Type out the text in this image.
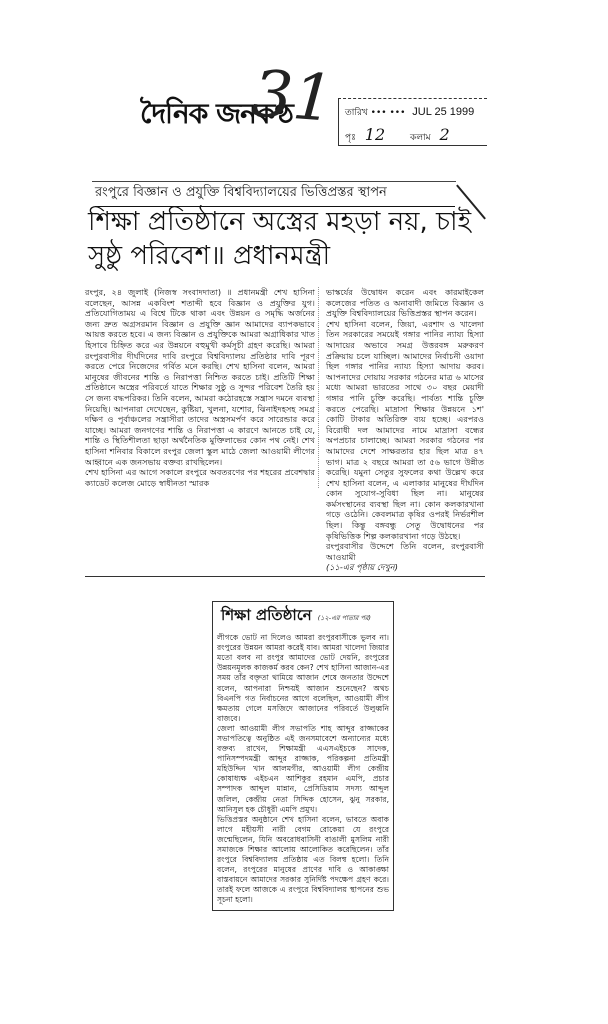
দৈনিক জনকণ্ঠ
31 তারিখ ••• ••• JUL 25 1999
পৃঃ 12	কলাম 2
রংপুরে বিজ্ঞান ও প্রযুক্তি বিশ্ববিদ্যালয়ের ভিত্তিপ্রস্তর স্থাপন
শিক্ষা প্রতিষ্ঠানে অস্ত্রের মহড়া নয়, চাই
সুষ্ঠু পরিবেশ॥ প্রধানমন্ত্রী

রংপুর, ২৪ জুলাই (নিজস্ব সংবাদদাতা) ॥ প্রধানমন্ত্রী শেখ হাসিনা বলেছেন, আসন্ন একবিংশ শতাব্দী হবে বিজ্ঞান ও প্রযুক্তির যুগ। প্রতিযোগিতাময় এ বিশ্বে টিকে থাকা এবং উন্নয়ন ও সমৃদ্ধি অর্জনের জন্য দ্রুত অগ্রসরমান বিজ্ঞান ও প্রযুক্তি জ্ঞান আমাদের ব্যাপকভাবে আয়ত্ত করতে হবে। এ জন্য বিজ্ঞান ও প্রযুক্তিকে আমরা অগ্রাধিকার খাত হিসাবে চিহ্নিত করে এর উন্নয়নে বহুমুখী কর্মসূচী গ্রহণ করেছি। আমরা রংপুরবাসীর দীর্ঘদিনের দাবি রংপুরে বিশ্ববিদ্যালয় প্রতিষ্ঠার দাবি পূরণ করতে পেরে নিজেদের গর্বিত মনে করছি। শেখ হাসিনা বলেন, আমরা মানুষের জীবনের শান্তি ও নিরাপত্তা নিশ্চিত করতে চাই। প্রতিটি শিক্ষা প্রতিষ্ঠানে অস্ত্রের পরিবর্তে যাতে শিক্ষার সুষ্ঠু ও সুন্দর পরিবেশ তৈরি হয় সে জন্য বদ্ধপরিকর। তিনি বলেন, আমরা কঠোরহস্তে সন্ত্রাস দমনে ব্যবস্থা নিয়েছি। আপনারা দেখেছেন, কুষ্টিয়া, খুলনা, যশোর, ঝিনাইদহসহ সমগ্র দক্ষিণ ও পূর্বাঞ্চলের সন্ত্রাসীরা তাদের অস্ত্রসমর্পণ করে সারেন্ডার করে যাচ্ছে। আমরা জনগণের শান্তি ও নিরাপত্তা এ কারণে আনতে চাই যে, শান্তি ও স্থিতিশীলতা ছাড়া অর্থনৈতিক মুক্তিলাভের কোন পথ নেই। শেখ হাসিনা শনিবার বিকালে রংপুর জেলা স্কুল মাঠে জেলা আওয়ামী লীগের আহ্বানে এক জনসভায় বক্তব্য রাখছিলেন।

শেখ হাসিনা এর আগে সকালে রংপুরে অবতরণের পর শহরের প্রবেশদ্বার ক্যাডেট কলেজ মোড়ে স্বাধীনতা স্মারক

ভাস্কর্যের উদ্বোধন করেন এবং কারমাইকেল কলেজের পতিত ও অনাবাদী জমিতে বিজ্ঞান ও প্রযুক্তি বিশ্ববিদ্যালয়ের ভিত্তিপ্রস্তর স্থাপন করেন।

শেখ হাসিনা বলেন, জিয়া, এরশাদ ও খালেদা তিন সরকারের সময়েই গঙ্গার পানির ন্যায্য হিস্যা আদায়ের অভাবে সমগ্র উত্তরবঙ্গ মরুকরণ প্রক্রিয়ায় চলে যাচ্ছিল। আমাদের নির্বাচনী ওয়াদা ছিল গঙ্গার পানির ন্যায্য হিস্যা আদায় করব। আপনাদের দোয়ায় সরকার গঠনের মাত্র ৬ মাসের মধ্যে আমরা ভারতের সাথে ৩০ বছর মেয়াদী গঙ্গার পানি চুক্তি করেছি। পার্বত্য শান্তি চুক্তি করতে পেরেছি। মাদ্রাসা শিক্ষার উন্নয়নে ১শ' কোটি টাকার অতিরিক্ত ব্যয় হচ্ছে। এরপরও বিরোধী দল আমাদের নামে মাদ্রাসা বন্ধের অপপ্রচার চালাচ্ছে। আমরা সরকার গঠনের পর আমাদের দেশে সাক্ষরতার হার ছিল মাত্র ৪৭ ভাগ। মাত্র ২ বছরে আমরা তা ৫৬ ভাগে উন্নীত করেছি। যমুনা সেতুর সুফলের কথা উল্লেখ করে শেখ হাসিনা বলেন, এ এলাকার মানুষের দীর্ঘদিন কোন সুযোগ-সুবিধা ছিল না। মানুষের কর্মসংস্থানের ব্যবস্থা ছিল না। কোন কলকারখানা গড়ে ওঠেনি। কেবলমাত্র কৃষির ওপরই নির্ভরশীল ছিল। কিন্তু বঙ্গবন্ধু সেতু উদ্বোধনের পর কৃষিভিত্তিক শিল্প কলকারখানা গড়ে উঠছে।

রংপুরবাসীর উদ্দেশে তিনি বলেন, রংপুরবাসী আওয়ামী

(১১-এর পৃষ্ঠায় দেখুন)

শিক্ষা প্রতিষ্ঠানে (১২-এর পাতার পর)

লীগকে ভোট না দিলেও আমরা রংপুরবাসীকে ভুলব না। রংপুরের উন্নয়ন আমরা করেই যাব। আমরা খালেদা জিয়ার মতো বলব না রংপুর আমাদের ভোট দেয়নি, রংপুরের উন্নয়নমূলক কাজকর্ম করব কেন? শেখ হাসিনা আজান-এর সময় তাঁর বক্তৃতা থামিয়ে আজান শেষে জনতার উদ্দেশে বলেন, আপনারা নিশ্চয়ই আজান শুনেছেন? অথচ বিএনপি গত নির্বাচনের আগে বলেছিল, আওয়ামী লীগ ক্ষমতায় গেলে মসজিদে আজানের পরিবর্তে উলুধ্বনি বাজবে।

জেলা আওয়ামী লীগ সভাপতি শাহ আব্দুর রাজ্জাকের সভাপতিত্বে অনুষ্ঠিত এই জনসমাবেশে অন্যান্যের মধ্যে বক্তব্য রাখেন, শিক্ষামন্ত্রী এএসএইচকে সাদেক, পানিসম্পদমন্ত্রী আব্দুর রাজ্জাক, পরিকল্পনা প্রতিমন্ত্রী মহিউদ্দিন খান আলমগীর, আওয়ামী লীগ কেন্দ্রীয় কোষাধ্যক্ষ এইচএন আশিকুর রহমান এমপি, প্রচার সম্পাদক আব্দুল মান্নান, প্রেসিডিয়াম সদস্য আব্দুল জলিল, কেন্দ্রীয় নেতা সিদ্দিক হোসেন, ঝুনু সরকার, আনিসুল হক চৌধুরী এমপি প্রমুখ।

ভিত্তিপ্রস্তর অনুষ্ঠানে শেখ হাসিনা বলেন, ভাবতে অবাক লাগে মহীয়সী নারী বেগম রোকেয়া যে রংপুরে জন্মেছিলেন, যিনি অবরোধবাসিনী বাঙালী মুসলিম নারী সমাজকে শিক্ষার আলোয় আলোকিত করেছিলেন। তাঁর রংপুরে বিশ্ববিদ্যালয় প্রতিষ্ঠায় এত বিলম্ব হলো। তিনি বলেন, রংপুরের মানুষের প্রাণের দাবি ও আকাঙ্ক্ষা বাস্তবায়নে আমাদের সরকার সুনির্দিষ্ট পদক্ষেপ গ্রহণ করে। তারই ফলে আজকে এ রংপুরে বিশ্ববিদ্যালয় স্থাপনের শুভ সূচনা হলো।
